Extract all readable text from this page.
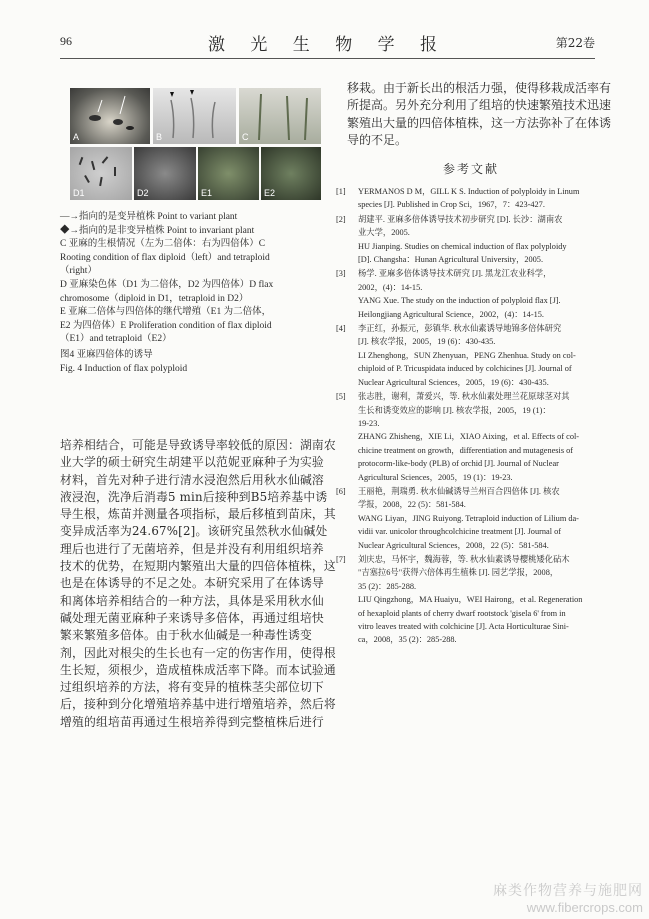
96	激 光 生 物 学 报	第22卷
A	B	C
D1	D2	E1	E2
—→指向的是变异植株 Point to variant plant
◆→指向的是非变异植株 Point to invariant plant
C 亚麻的生根情况（左为二倍体：右为四倍体）C
Rooting condition of flax diploid（left）and tetraploid
（right）
D 亚麻染色体（D1 为二倍体，D2 为四倍体）D flax
chromosome（diploid in D1，tetraploid in D2）
E 亚麻二倍体与四倍体的继代增殖（E1 为二倍体，
E2 为四倍体）E Proliferation condition of flax diploid
（E1）and tetraploid（E2）
图4 亚麻四倍体的诱导
Fig. 4 Induction of flax polyploid
培养相结合，可能是导致诱导率较低的原因：湖南农
业大学的硕士研究生胡建平以范妮亚麻种子为实验
材料，首先对种子进行清水浸泡然后用秋水仙碱溶
液浸泡，洗净后消毒5 min后接种到B5培养基中诱
导生根，炼苗并测量各项指标，最后移植到苗床，其
变异成活率为24.67%[2]。该研究虽然秋水仙碱处
理后也进行了无菌培养，但是并没有利用组织培养
技术的优势，在短期内繁殖出大量的四倍体植株，这
也是在体诱导的不足之处。本研究采用了在体诱导
和离体培养相结合的一种方法，具体是采用秋水仙
碱处理无菌亚麻种子来诱导多倍体，再通过组培快
繁来繁殖多倍体。由于秋水仙碱是一种毒性诱变
剂，因此对根尖的生长也有一定的伤害作用，使得根
生长短，须根少，造成植株成活率下降。而本试验通
过组织培养的方法，将有变异的植株茎尖部位切下
后，接种到分化增殖培养基中进行增殖培养，然后将
增殖的组培苗再通过生根培养得到完整植株后进行
移栽。由于新长出的根活力强，使得移栽成活率有
所提高。另外充分利用了组培的快速繁殖技术迅速
繁殖出大量的四倍体植株，这一方法弥补了在体诱
导的不足。
参考文献
[1] YERMANOS D M，GILL K S. Induction of polyploidy in Linum
species [J]. Published in Crop Sci，1967，7：423-427.
[2] 胡建平. 亚麻多倍体诱导技术初步研究 [D]. 长沙：湖南农
业大学，2005.
HU Jianping. Studies on chemical induction of flax polyploidy
[D]. Changsha：Hunan Agricultural University，2005.
[3] 杨学. 亚麻多倍体诱导技术研究 [J]. 黑龙江农业科学，
2002，(4)：14-15.
YANG Xue. The study on the induction of polyploid flax [J].
Heilongjiang Agricultural Science，2002，(4)：14-15.
[4] 李正红，孙振元，彭镇华. 秋水仙素诱导地锦多倍体研究
[J]. 核农学报，2005，19 (6)：430-435.
LI Zhenghong，SUN Zhenyuan，PENG Zhenhua. Study on col-
chiploid of P. Tricuspidata induced by colchicines [J]. Journal of
Nuclear Agricultural Sciences，2005，19 (6)：430-435.
[5] 张志胜，谢利，萧爱兴，等. 秋水仙素处理兰花原球茎对其
生长和诱变效应的影响 [J]. 核农学报，2005，19 (1)：
19-23.
ZHANG Zhisheng，XIE Li，XIAO Aixing，et al. Effects of col-
chicine treatment on growth，differentiation and mutagenesis of
protocorm-like-body (PLB) of orchid [J]. Journal of Nuclear
Agricultural Sciences，2005，19 (1)：19-23.
[6] 王丽艳，荆瑞勇. 秋水仙碱诱导兰州百合四倍体 [J]. 核农
学报，2008，22 (5)：581-584.
WANG Liyan，JING Ruiyong. Tetraploid induction of Lilium da-
vidii var. unicolor throughcolchicine treatment [J]. Journal of
Nuclear Agricultural Sciences，2008，22 (5)：581-584.
[7] 刘庆忠，马怀宇，魏海蓉，等. 秋水仙素诱导樱桃矮化砧木
"吉塞拉6号"获得六倍体再生植株 [J]. 园艺学报，2008，
35 (2)：285-288.
LIU Qingzhong，MA Huaiyu，WEI Hairong，et al. Regeneration
of hexaploid plants of cherry dwarf rootstock 'gisela 6' from in
vitro leaves treated with colchicine [J]. Acta Horticulturae Sini-
ca，2008，35 (2)：285-288.
麻类作物营养与施肥网
www.fibercrops.com
